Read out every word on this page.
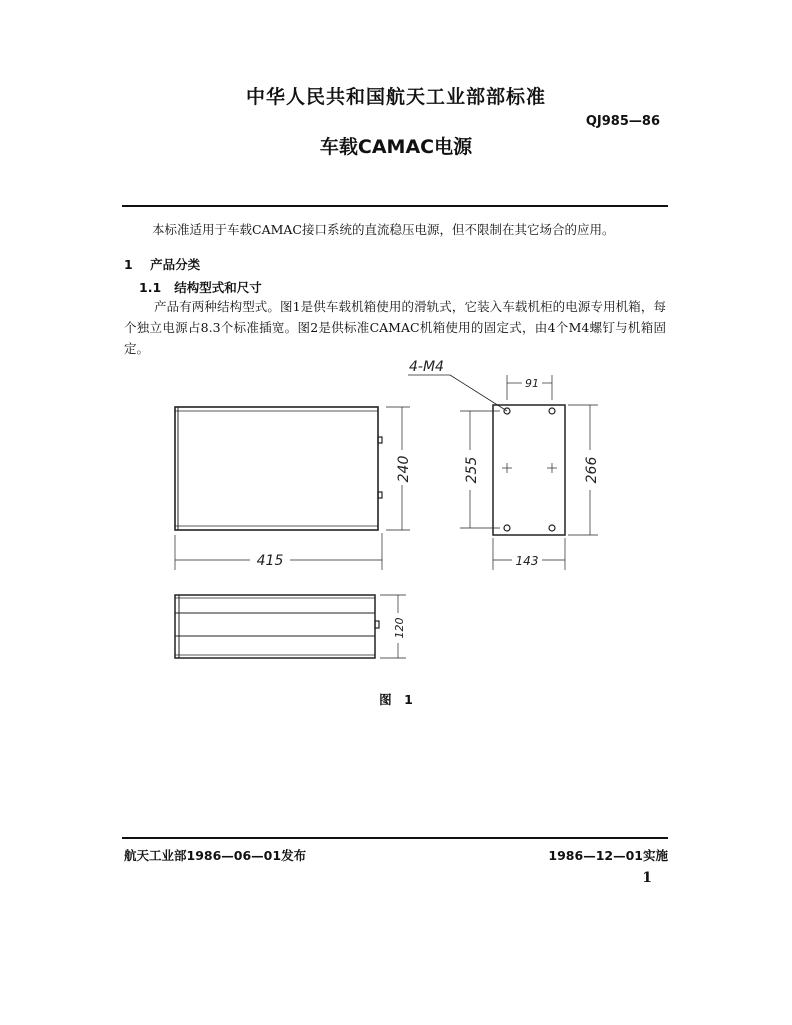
中华人民共和国航天工业部部标准
QJ985—86
车载CAMAC电源
本标准适用于车载CAMAC接口系统的直流稳压电源，但不限制在其它场合的应用。
1 产品分类
1.1 结构型式和尺寸
产品有两种结构型式。图1是供车载机箱使用的滑轨式，它装入车载机柜的电源专用机箱，每个独立电源占8.3个标准插宽。图2是供标准CAMAC机箱使用的固定式，由4个M4螺钉与机箱固定。
240
415
4-M4
91
255	266
143
120
图　1
航天工业部1986—06—01发布	1986—12—01实施
1
